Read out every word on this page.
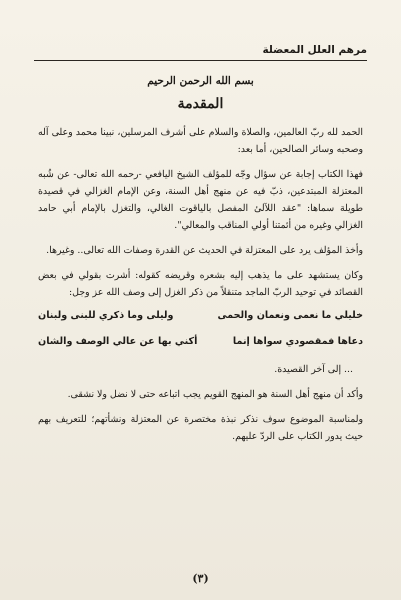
مرهم العلل المعضلة
بسم الله الرحمن الرحيم
المقدمة

الحمد لله ربّ العالمين، والصلاة والسلام على أشرف المرسلين، نبينا محمد وعلى آله وصحبه وسائر الصالحين، أما بعد:

فهذا الكتاب إجابة عن سؤال وجّه للمؤلف الشيخ اليافعي -رحمه الله تعالى- عن شُبه المعتزلة المبتدعين، ذبّ فيه عن منهج أهل السنة، وعن الإمام الغزالي في قصيدة طويلة سماها: "عقد اللآلئ المفصل بالياقوت الغالي، والتغزل بالإمام أبي حامد الغزالي وغيره من أئمتنا أولي المناقب والمعالي".

وأخذ المؤلف يرد على المعتزلة في الحديث عن القدرة وصفات الله تعالى.. وغيرها.

وكان يستشهد على ما يذهب إليه بشعره وقريضه كقوله: أشرت بقولي في بعض القصائد في توحيد الربّ الماجد متنقلاً من ذكر الغزل إلى وصف الله عز وجل:

خليلي ما نعمى ونعمان والحمى
وليلى وما ذكري للبنى ولبنان
دعاها فمقصودي سواها إنما
أكني بها عن عالي الوصف والشان

... إلى آخر القصيدة.

وأكد أن منهج أهل السنة هو المنهج القويم يجب اتباعه حتى لا نضل ولا نشقى.

ولمناسبة الموضوع سوف نذكر نبذة مختصرة عن المعتزلة ونشأتهم؛ للتعريف بهم حيث يدور الكتاب على الردّ عليهم.

(٣)
